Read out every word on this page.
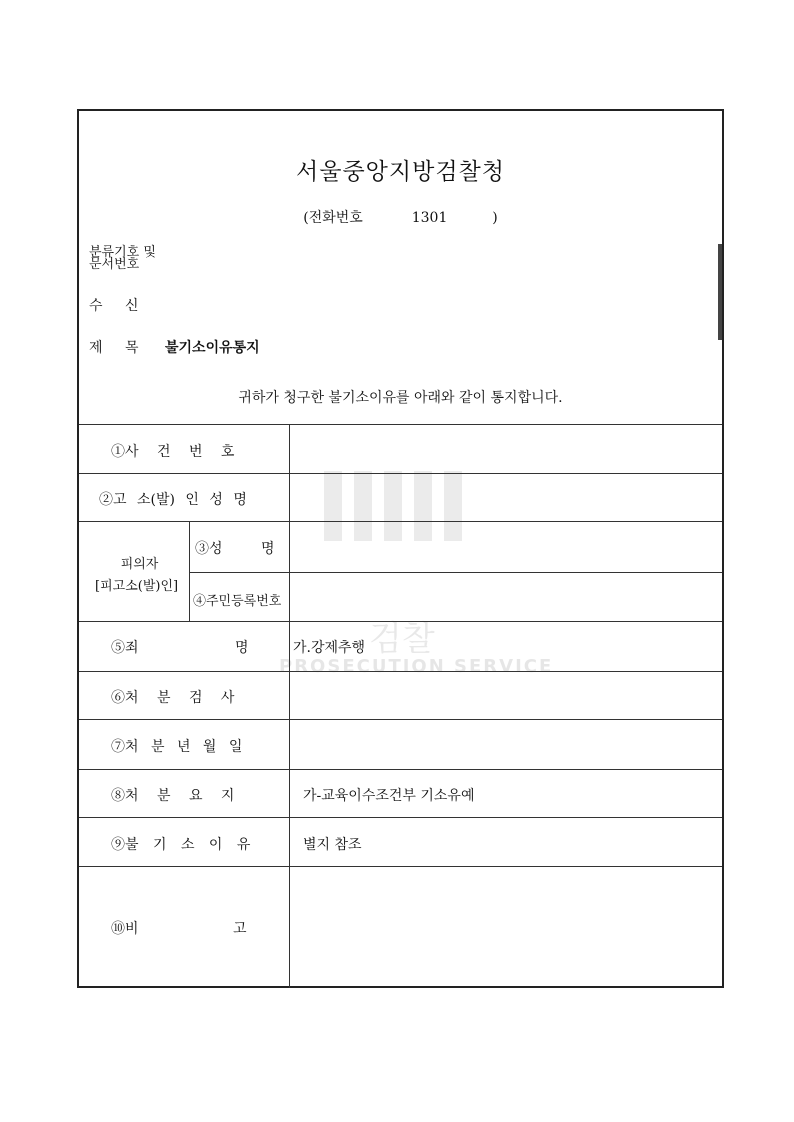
서울중앙지방검찰청
(전화번호	1301	)
분류기호 및
문서번호
수 신
제 목 불기소이유통지
귀하가 청구한 불기소이유를 아래와 같이 통지합니다.
검찰
PROSECUTION SERVICE
①사 건 번 호
②고 소(발) 인 성 명
피의자
[피고소(발)인]
③성 명
④주민등록번호
⑤죄 명	가.강제추행
⑥처 분 검 사
⑦처 분 년 월 일
⑧처 분 요 지	가-교육이수조건부 기소유예
⑨불 기 소 이 유	별지 참조
⑩비 고
